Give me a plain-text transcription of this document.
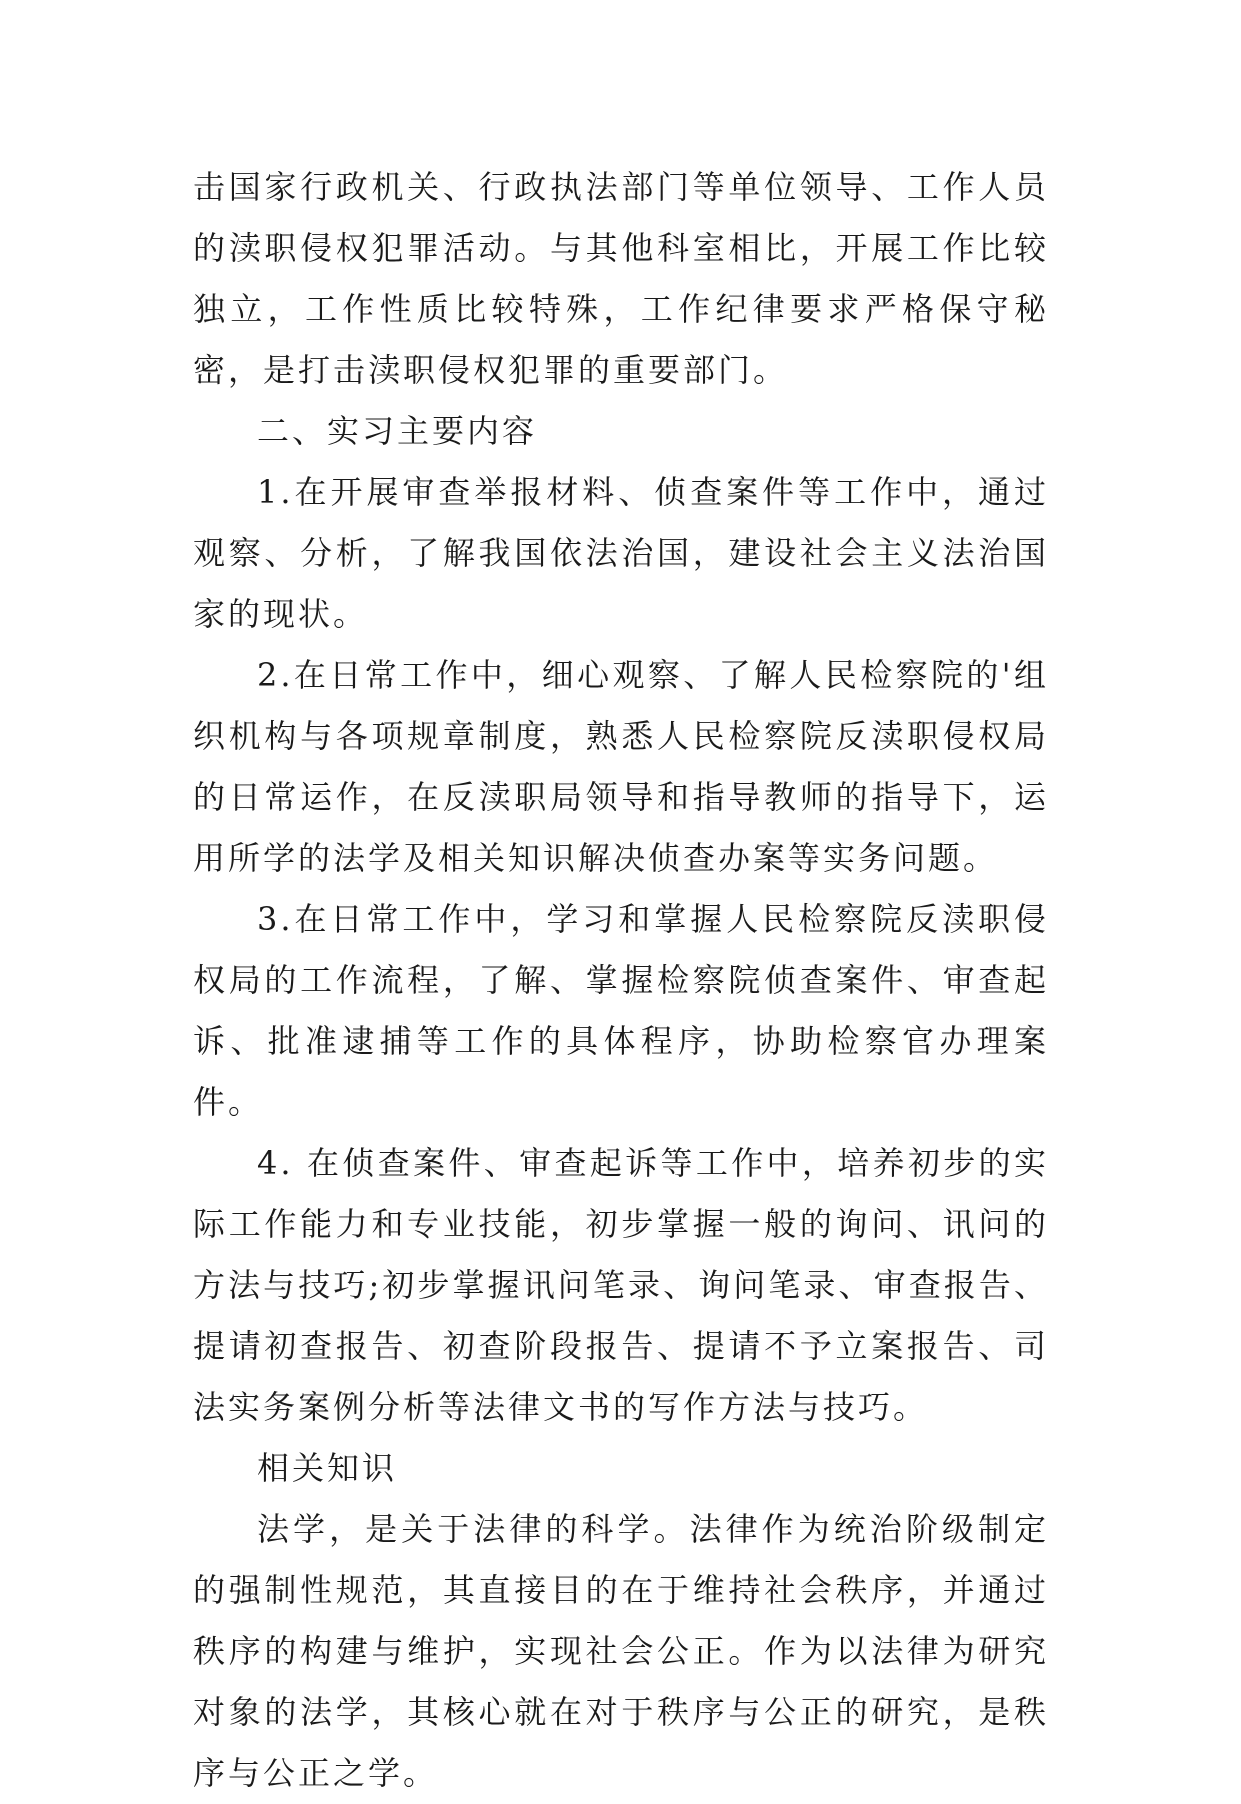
击国家行政机关、行政执法部门等单位领导、工作人员的渎职侵权犯罪活动。与其他科室相比，开展工作比较独立，工作性质比较特殊，工作纪律要求严格保守秘密，是打击渎职侵权犯罪的重要部门。

二、实习主要内容

1.在开展审查举报材料、侦查案件等工作中，通过观察、分析，了解我国依法治国，建设社会主义法治国家的现状。

2.在日常工作中，细心观察、了解人民检察院的'组织机构与各项规章制度，熟悉人民检察院反渎职侵权局的日常运作，在反渎职局领导和指导教师的指导下，运用所学的法学及相关知识解决侦查办案等实务问题。

3.在日常工作中，学习和掌握人民检察院反渎职侵权局的工作流程，了解、掌握检察院侦查案件、审查起诉、批准逮捕等工作的具体程序，协助检察官办理案件。

4. 在侦查案件、审查起诉等工作中，培养初步的实际工作能力和专业技能，初步掌握一般的询问、讯问的方法与技巧;初步掌握讯问笔录、询问笔录、审查报告、提请初查报告、初查阶段报告、提请不予立案报告、司法实务案例分析等法律文书的写作方法与技巧。

相关知识

法学，是关于法律的科学。法律作为统治阶级制定的强制性规范，其直接目的在于维持社会秩序，并通过秩序的构建与维护，实现社会公正。作为以法律为研究对象的法学，其核心就在对于秩序与公正的研究，是秩序与公正之学。
